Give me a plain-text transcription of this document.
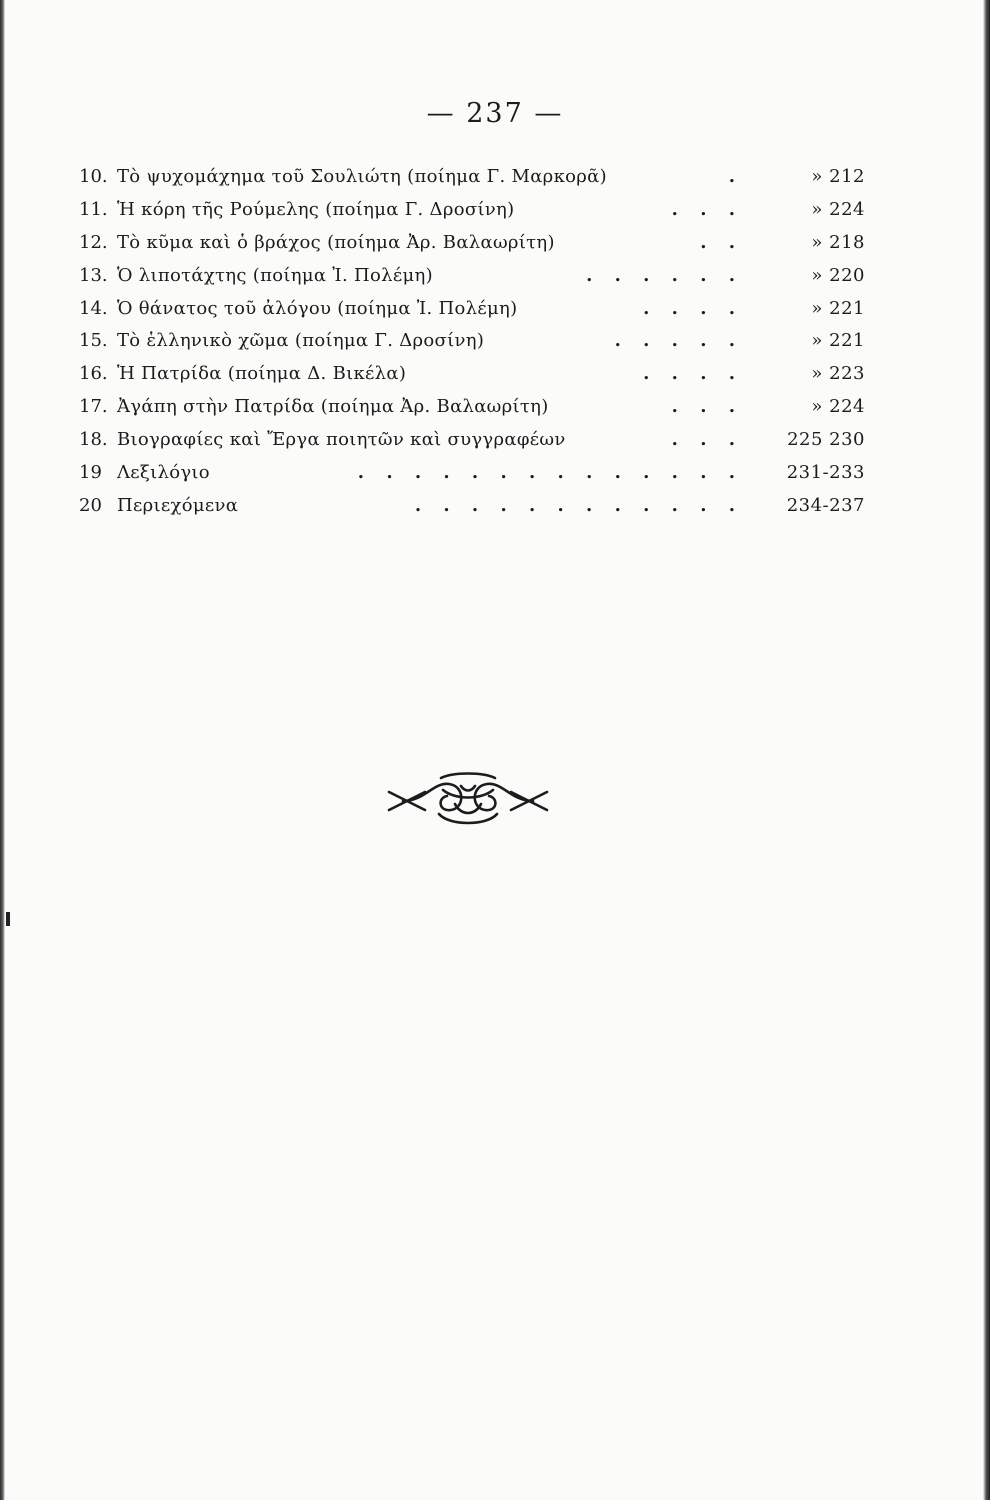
— 237 —
10. Τὸ ψυχομάχημα τοῦ Σουλιώτη (ποίημα Γ. Μαρκορᾶ)	.	» 212
11. Ἡ κόρη τῆς Ρούμελης (ποίημα Γ. Δροσίνη)	. . .	» 224
12. Τὸ κῦμα καὶ ὁ βράχος (ποίημα Ἀρ. Βαλαωρίτη)	. .	» 218
13. Ὁ λιποτάχτης (ποίημα Ἰ. Πολέμη)	. . . . . .	» 220
14. Ὁ θάνατος τοῦ ἀλόγου (ποίημα Ἰ. Πολέμη)	. . . .	» 221
15. Τὸ ἑλληνικὸ χῶμα (ποίημα Γ. Δροσίνη)	. . . . .	» 221
16. Ἡ Πατρίδα (ποίημα Δ. Βικέλα)	. . . .	» 223
17. Ἀγάπη στὴν Πατρίδα (ποίημα Ἀρ. Βαλαωρίτη)	. . .	» 224
18. Βιογραφίες καὶ Ἔργα ποιητῶν καὶ συγγραφέων	. . .	225 230
19 Λεξιλόγιο	. . . . . . . . . . . . . .	231-233
20 Περιεχόμενα	. . . . . . . . . . . .	234-237
